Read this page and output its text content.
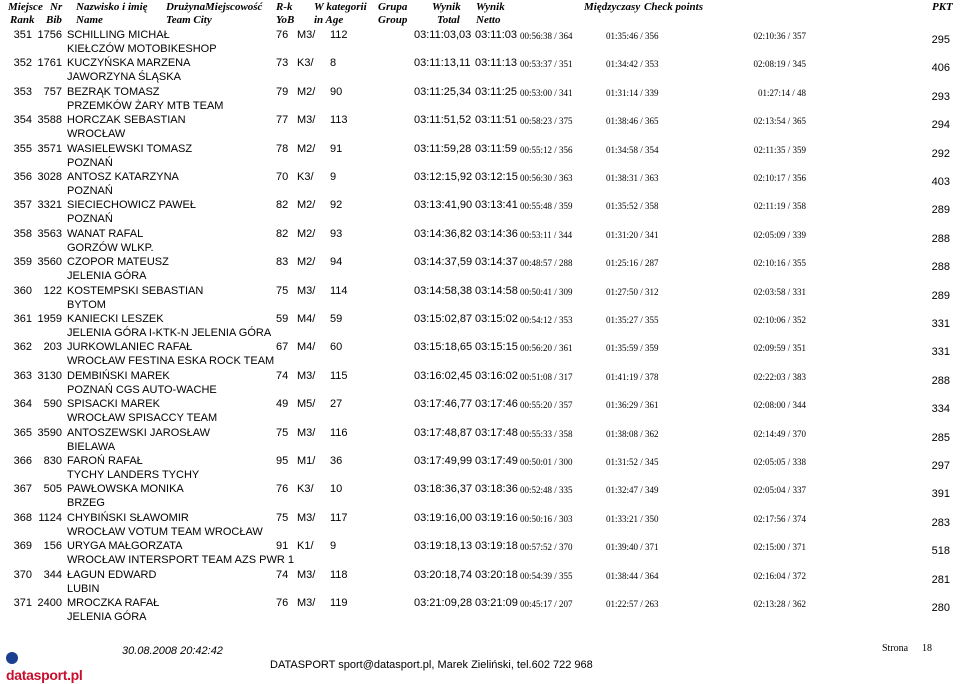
Miejsce Nr Nazwisko i imię Drużyna Miejscowość R-k W kategorii Grupa Wynik Wynik	Międzyczasy Check points	PKT
Rank Bib Name	Team City	YoB in Age	Group	Total Netto
351 1756 SCHILLING MICHAŁ
KIEŁCZÓW MOTOBIKESHOP
76 M3/	112	03:11:03,03 03:11:03 00:56:38 / 364	01:35:46 / 356	02:10:36 / 357	295
352 1761 KUCZYŃSKA MARZENA
JAWORZYNA ŚLĄSKA
73 K3/	8	03:11:13,11 03:11:13 00:53:37 / 351	01:34:42 / 353	02:08:19 / 345	406
353	757 BEZRĄK TOMASZ
PRZEMKÓW ŻARY MTB TEAM
79 M2/	90	03:11:25,34 03:11:25 00:53:00 / 341	01:31:14 / 339	01:27:14 / 48	293
354 3588 HORCZAK SEBASTIAN
WROCŁAW
77 M3/	113	03:11:51,52 03:11:51 00:58:23 / 375	01:38:46 / 365	02:13:54 / 365	294
355 3571 WASIELEWSKI TOMASZ
POZNAŃ
78 M2/	91	03:11:59,28 03:11:59 00:55:12 / 356	01:34:58 / 354	02:11:35 / 359	292
356 3028 ANTOSZ KATARZYNA
POZNAŃ
70 K3/	9	03:12:15,92 03:12:15 00:56:30 / 363	01:38:31 / 363	02:10:17 / 356	403
357 3321 SIECIECHOWICZ PAWEŁ
POZNAŃ
82 M2/	92	03:13:41,90 03:13:41 00:55:48 / 359	01:35:52 / 358	02:11:19 / 358	289
358 3563 WANAT RAFAL
GORZÓW WLKP.
82 M2/	93	03:14:36,82 03:14:36 00:53:11 / 344	01:31:20 / 341	02:05:09 / 339	288
359 3560 CZOPOR MATEUSZ
JELENIA GÓRA
83 M2/	94	03:14:37,59 03:14:37 00:48:57 / 288	01:25:16 / 287	02:10:16 / 355	288
360	122 KOSTEMPSKI SEBASTIAN
BYTOM
75 M3/	114	03:14:58,38 03:14:58 00:50:41 / 309	01:27:50 / 312	02:03:58 / 331	289
361 1959 KANIECKI LESZEK
JELENIA GÓRA I-KTK-N JELENIA GÓRA
59 M4/	59	03:15:02,87 03:15:02 00:54:12 / 353	01:35:27 / 355	02:10:06 / 352	331
362	203 JURKOWLANIEC RAFAŁ
WROCŁAW FESTINA ESKA ROCK TEAM
67 M4/	60	03:15:18,65 03:15:15 00:56:20 / 361	01:35:59 / 359	02:09:59 / 351	331
363 3130 DEMBIŃSKI MAREK
POZNAŃ CGS AUTO-WACHE
74 M3/	115	03:16:02,45 03:16:02 00:51:08 / 317	01:41:19 / 378	02:22:03 / 383	288
364	590 SPISACKI MAREK
WROCŁAW SPISACCY TEAM
49 M5/	27	03:17:46,77 03:17:46 00:55:20 / 357	01:36:29 / 361	02:08:00 / 344	334
365 3590 ANTOSZEWSKI JAROSŁAW
BIELAWA
75 M3/	116	03:17:48,87 03:17:48 00:55:33 / 358	01:38:08 / 362	02:14:49 / 370	285
366	830 FAROŃ RAFAŁ
TYCHY LANDERS TYCHY
95 M1/	36	03:17:49,99 03:17:49 00:50:01 / 300	01:31:52 / 345	02:05:05 / 338	297
367	505 PAWŁOWSKA MONIKA
BRZEG
76 K3/	10	03:18:36,37 03:18:36 00:52:48 / 335	01:32:47 / 349	02:05:04 / 337	391
368 1124 CHYBIŃSKI SŁAWOMIR
WROCŁAW VOTUM TEAM WROCŁAW
75 M3/	117	03:19:16,00 03:19:16 00:50:16 / 303	01:33:21 / 350	02:17:56 / 374	283
369	156 URYGA MAŁGORZATA
WROCŁAW INTERSPORT TEAM AZS PWR 1
91 K1/	9	03:19:18,13 03:19:18 00:57:52 / 370	01:39:40 / 371	02:15:00 / 371	518
370	344 ŁAGUN EDWARD
LUBIN
74 M3/	118	03:20:18,74 03:20:18 00:54:39 / 355	01:38:44 / 364	02:16:04 / 372	281
371 2400 MROCZKA RAFAŁ
JELENIA GÓRA
76 M3/	119	03:21:09,28 03:21:09 00:45:17 / 207	01:22:57 / 263	02:13:28 / 362	280
datasport.pl
30.08.2008 20:42:42
DATASPORT sport@datasport.pl, Marek Zieliński, tel.602 722 968
Strona 18
